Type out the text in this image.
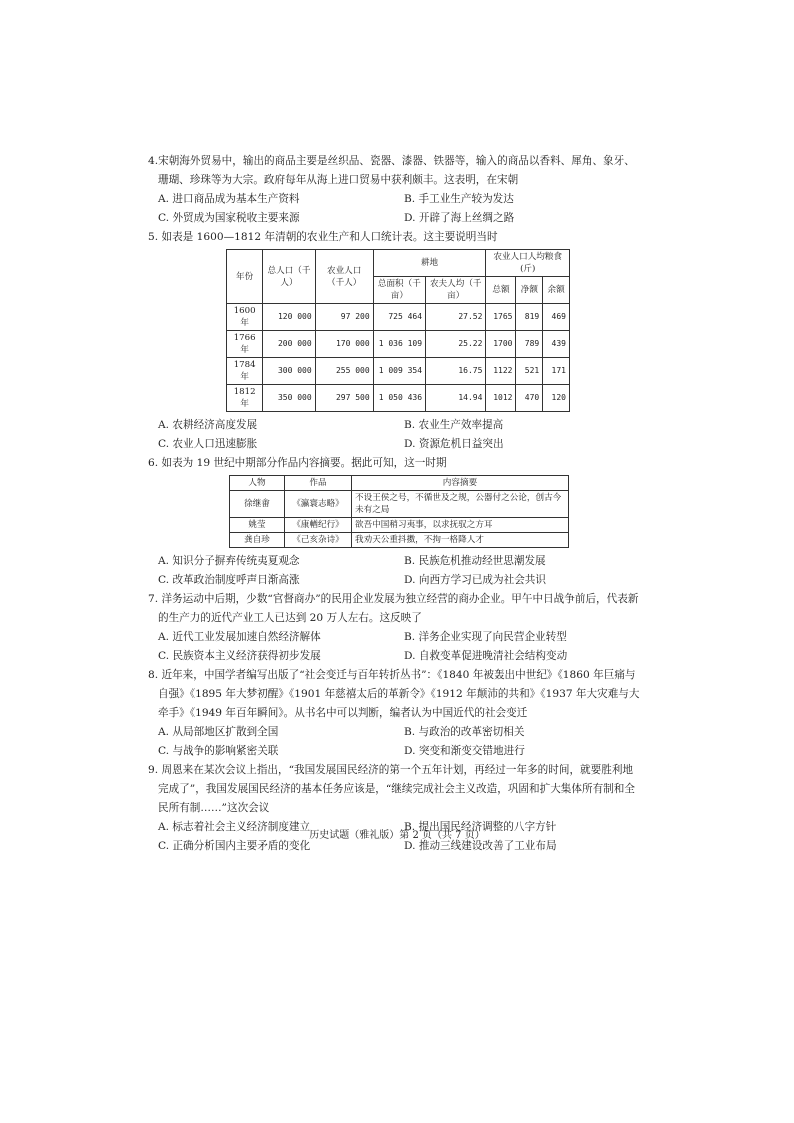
4.宋朝海外贸易中，输出的商品主要是丝织品、瓷器、漆器、铁器等，输入的商品以香料、犀角、象牙、珊瑚、珍珠等为大宗。政府每年从海上进口贸易中获利颇丰。这表明，在宋朝

A. 进口商品成为基本生产资料	B. 手工业生产较为发达
C. 外贸成为国家税收主要来源	D. 开辟了海上丝绸之路

5. 如表是 1600—1812 年清朝的农业生产和人口统计表。这主要说明当时

年份	总人口（千人）	农业人口（千人）	耕地		农业人口人均粮食(斤)		
			总面积（千亩）	农夫人均（千亩）	总额	净额	余额
1600 年	120 000	97 200	725 464	27.52	1765	819	469
1766 年	200 000	170 000	1 036 109	25.22	1700	789	439
1784 年	300 000	255 000	1 009 354	16.75	1122	521	171
1812 年	350 000	297 500	1 050 436	14.94	1012	470	120
A. 农耕经济高度发展	B. 农业生产效率提高
C. 农业人口迅速膨胀	D. 资源危机日益突出

6. 如表为 19 世纪中期部分作品内容摘要。据此可知，这一时期

人物	作品	内容摘要
徐继畬	《瀛寰志略》	不设王侯之号，不循世及之规，公器付之公论，创古今未有之局
姚莹	《康輶纪行》	欲吾中国稍习夷事，以求抚驭之方耳
龚自珍	《己亥杂诗》	我劝天公重抖擞，不拘一格降人才
A. 知识分子摒弃传统夷夏观念	B. 民族危机推动经世思潮发展
C. 改革政治制度呼声日渐高涨	D. 向西方学习已成为社会共识

7. 洋务运动中后期，少数“官督商办”的民用企业发展为独立经营的商办企业。甲午中日战争前后，代表新的生产力的近代产业工人已达到 20 万人左右。这反映了

A. 近代工业发展加速自然经济解体	B. 洋务企业实现了向民营企业转型
C. 民族资本主义经济获得初步发展	D. 自救变革促进晚清社会结构变动

8. 近年来，中国学者编写出版了“社会变迁与百年转折丛书”：《1840 年被轰出中世纪》《1860 年巨痛与自强》《1895 年大梦初醒》《1901 年慈禧太后的革新令》《1912 年颠沛的共和》《1937 年大灾难与大牵手》《1949 年百年瞬间》。从书名中可以判断，编者认为中国近代的社会变迁

A. 从局部地区扩散到全国	B. 与政治的改革密切相关
C. 与战争的影响紧密关联	D. 突变和渐变交错地进行

9. 周恩来在某次会议上指出，“我国发展国民经济的第一个五年计划，再经过一年多的时间，就要胜利地完成了”，我国发展国民经济的基本任务应该是，“继续完成社会主义改造，巩固和扩大集体所有制和全民所有制……”这次会议

A. 标志着社会主义经济制度建立	B. 提出国民经济调整的八字方针
C. 正确分析国内主要矛盾的变化	D. 推动三线建设改善了工业布局
历史试题（雅礼版）第 2 页（共 7 页）
